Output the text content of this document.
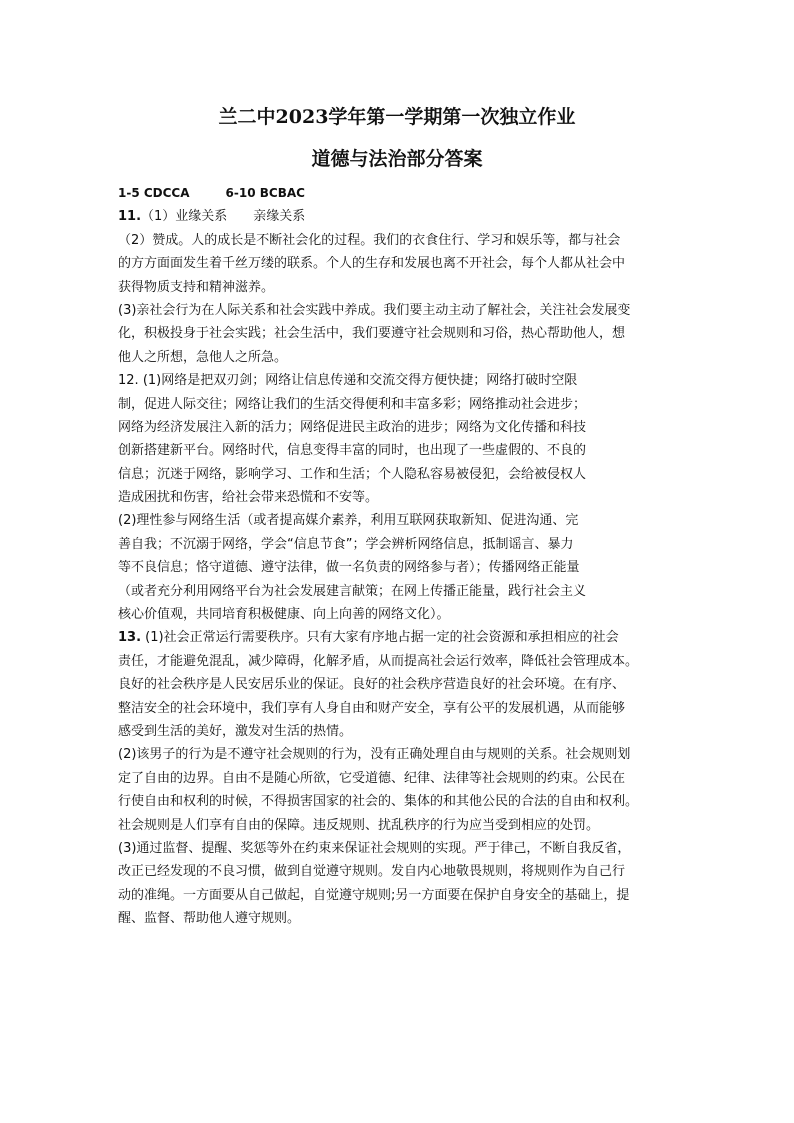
兰二中2023学年第一学期第一次独立作业
道德与法治部分答案
1-5 CDCCA	6-10 BCBAC
11.（1）业缘关系　　亲缘关系
（2）赞成。人的成长是不断社会化的过程。我们的衣食住行、学习和娱乐等，都与社会
的方方面面发生着千丝万缕的联系。个人的生存和发展也离不开社会，每个人都从社会中
获得物质支持和精神滋养。
(3)亲社会行为在人际关系和社会实践中养成。我们要主动主动了解社会，关注社会发展变
化，积极投身于社会实践；社会生活中，我们要遵守社会规则和习俗，热心帮助他人，想
他人之所想，急他人之所急。
12. (1)网络是把双刃剑；网络让信息传递和交流交得方便快捷；网络打破时空限
制，促进人际交往；网络让我们的生活交得便利和丰富多彩；网络推动社会进步；
网络为经济发展注入新的活力；网络促进民主政治的进步；网络为文化传播和科技
创新搭建新平台。网络时代，信息变得丰富的同时，也出现了一些虚假的、不良的
信息；沉迷于网络，影响学习、工作和生活；个人隐私容易被侵犯，会给被侵权人
造成困扰和伤害，给社会带来恐慌和不安等。
(2)理性参与网络生活（或者提高媒介素养，利用互联网获取新知、促进沟通、完
善自我；不沉溺于网络，学会“信息节食”；学会辨析网络信息，抵制谣言、暴力
等不良信息；恪守道德、遵守法律，做一名负责的网络参与者）；传播网络正能量
（或者充分利用网络平台为社会发展建言献策；在网上传播正能量，践行社会主义
核心价值观，共同培育积极健康、向上向善的网络文化）。
13. (1)社会正常运行需要秩序。只有大家有序地占据一定的社会资源和承担相应的社会
责任，才能避免混乱，减少障碍，化解矛盾，从而提高社会运行效率，降低社会管理成本。
良好的社会秩序是人民安居乐业的保证。良好的社会秩序营造良好的社会环境。在有序、
整洁安全的社会环境中，我们享有人身自由和财产安全，享有公平的发展机遇，从而能够
感受到生活的美好，激发对生活的热情。
(2)该男子的行为是不遵守社会规则的行为，没有正确处理自由与规则的关系。社会规则划
定了自由的边界。自由不是随心所欲，它受道德、纪律、法律等社会规则的约束。公民在
行使自由和权利的时候，不得损害国家的社会的、集体的和其他公民的合法的自由和权利。
社会规则是人们享有自由的保障。违反规则、扰乱秩序的行为应当受到相应的处罚。
(3)通过监督、提醒、奖惩等外在约束来保证社会规则的实现。严于律己，不断自我反省，
改正已经发现的不良习惯，做到自觉遵守规则。发自内心地敬畏规则，将规则作为自己行
动的准绳。一方面要从自己做起，自觉遵守规则;另一方面要在保护自身安全的基础上，提
醒、监督、帮助他人遵守规则。
